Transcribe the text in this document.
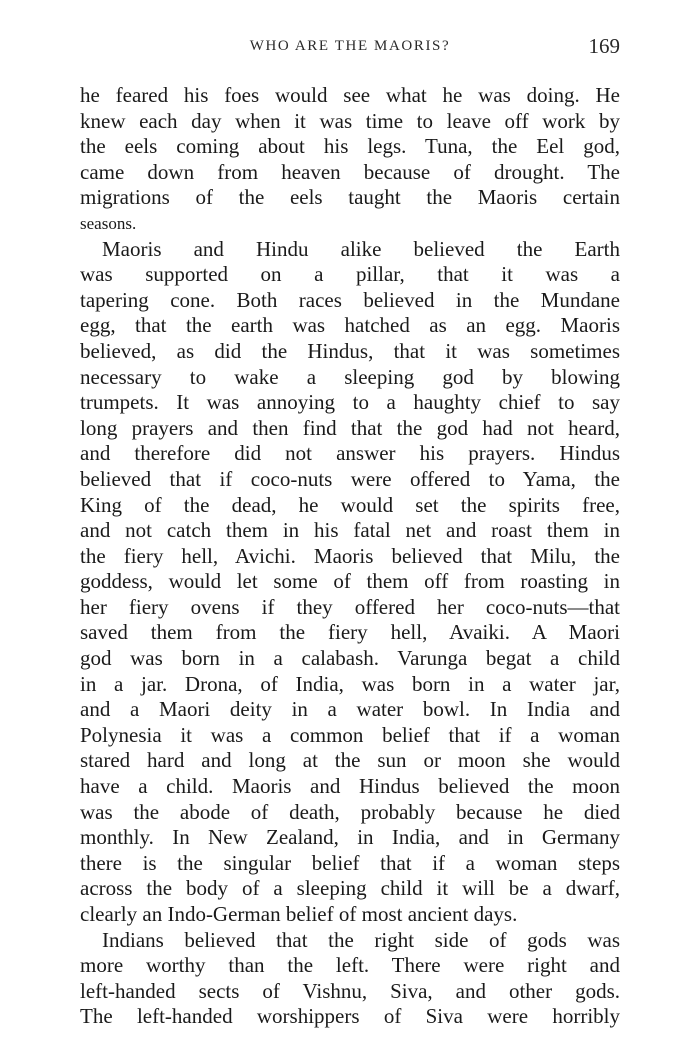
WHO ARE THE MAORIS?	169
he feared his foes would see what he was doing. He
knew each day when it was time to leave off work by
the eels coming about his legs. Tuna, the Eel god,
came down from heaven because of drought. The
migrations of the eels taught the Maoris certain
seasons.
Maoris and Hindu alike believed the Earth
was supported on a pillar, that it was a
tapering cone. Both races believed in the Mundane
egg, that the earth was hatched as an egg. Maoris
believed, as did the Hindus, that it was sometimes
necessary to wake a sleeping god by blowing
trumpets. It was annoying to a haughty chief to say
long prayers and then find that the god had not heard,
and therefore did not answer his prayers. Hindus
believed that if coco-nuts were offered to Yama, the
King of the dead, he would set the spirits free,
and not catch them in his fatal net and roast them in
the fiery hell, Avichi. Maoris believed that Milu, the
goddess, would let some of them off from roasting in
her fiery ovens if they offered her coco-nuts—that
saved them from the fiery hell, Avaiki. A Maori
god was born in a calabash. Varunga begat a child
in a jar. Drona, of India, was born in a water jar,
and a Maori deity in a water bowl. In India and
Polynesia it was a common belief that if a woman
stared hard and long at the sun or moon she would
have a child. Maoris and Hindus believed the moon
was the abode of death, probably because he died
monthly. In New Zealand, in India, and in Germany
there is the singular belief that if a woman steps
across the body of a sleeping child it will be a dwarf,
clearly an Indo-German belief of most ancient days.
Indians believed that the right side of gods was
more worthy than the left. There were right and
left-handed sects of Vishnu, Siva, and other gods.
The left-handed worshippers of Siva were horribly
